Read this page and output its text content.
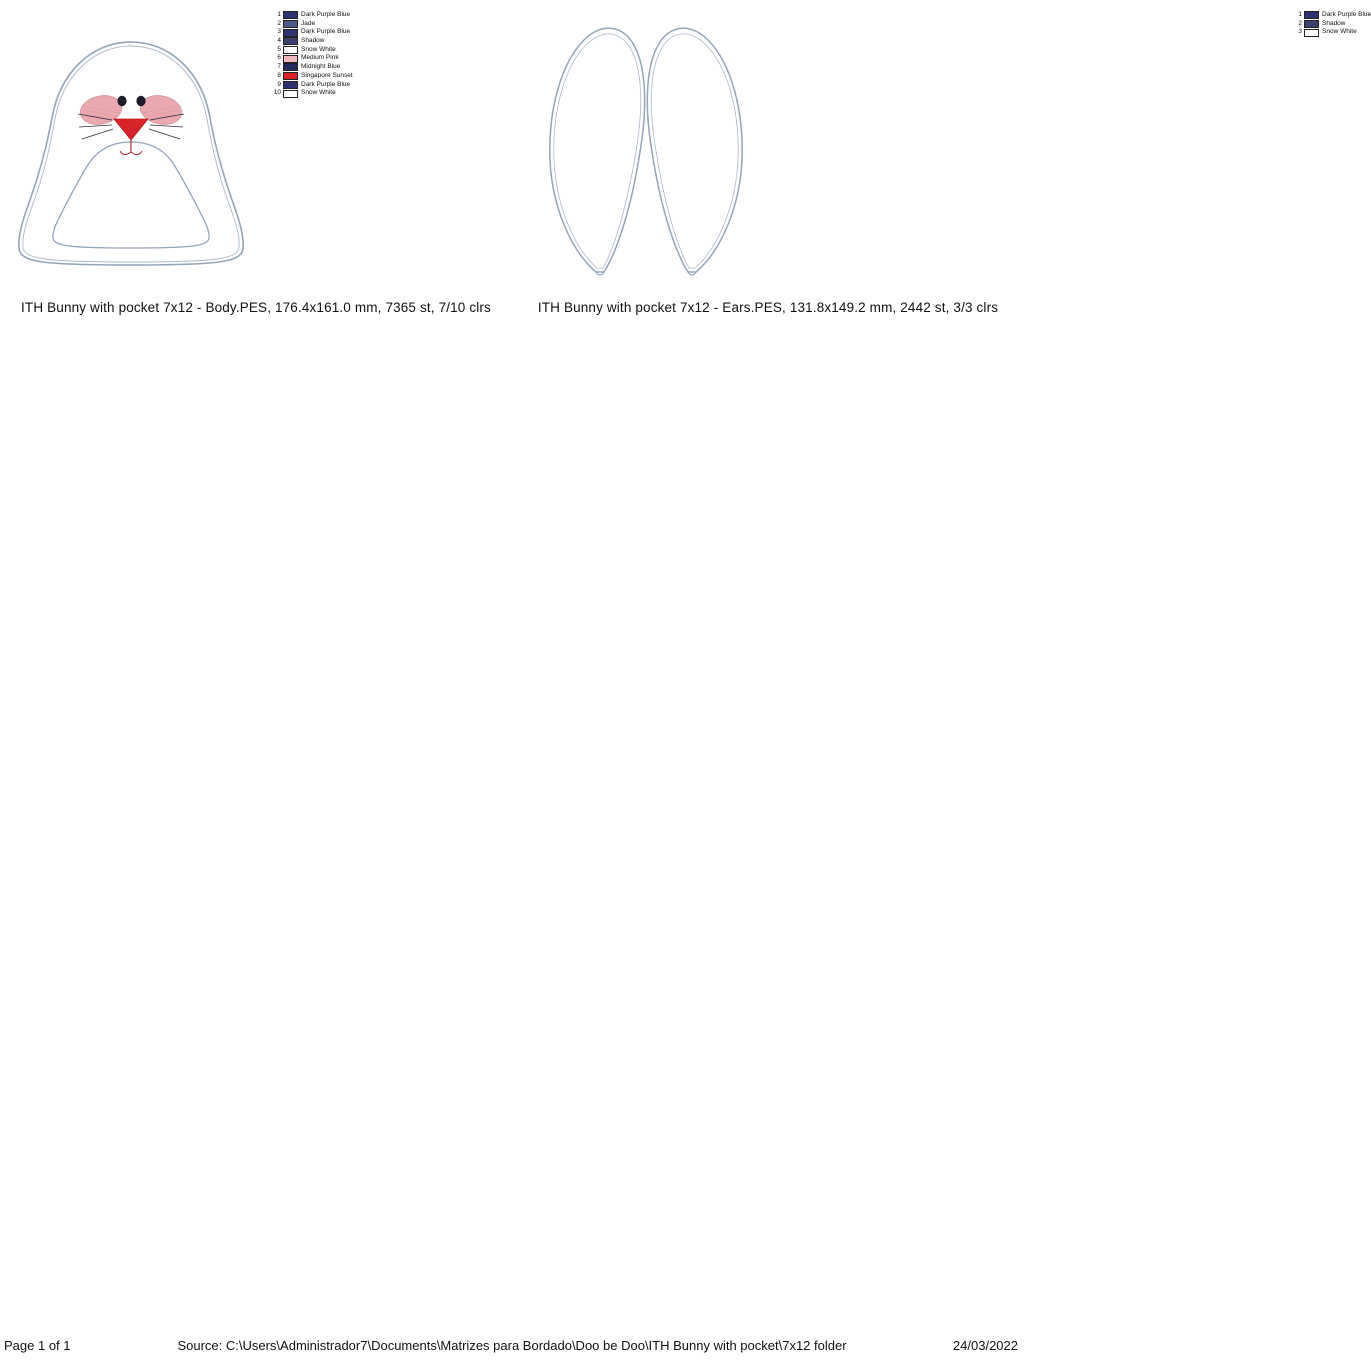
1	Dark Purple Blue
2	Jade
3	Dark Purple Blue
4	Shadow
5	Snow White
6	Medium Pink
7	Midnight Blue
8	Singapore Sunset
9	Dark Purple Blue
10	Snow White
ITH Bunny with pocket 7x12 - Body.PES, 176.4x161.0 mm, 7365 st, 7/10 clrs
1	Dark Purple Blue
2	Shadow
3	Snow White
ITH Bunny with pocket 7x12 - Ears.PES, 131.8x149.2 mm, 2442 st, 3/3 clrs
Page 1 of 1	Source: C:\Users\Administrador7\Documents\Matrizes para Bordado\Doo be Doo\ITH Bunny with pocket\7x12 folder	24/03/2022
